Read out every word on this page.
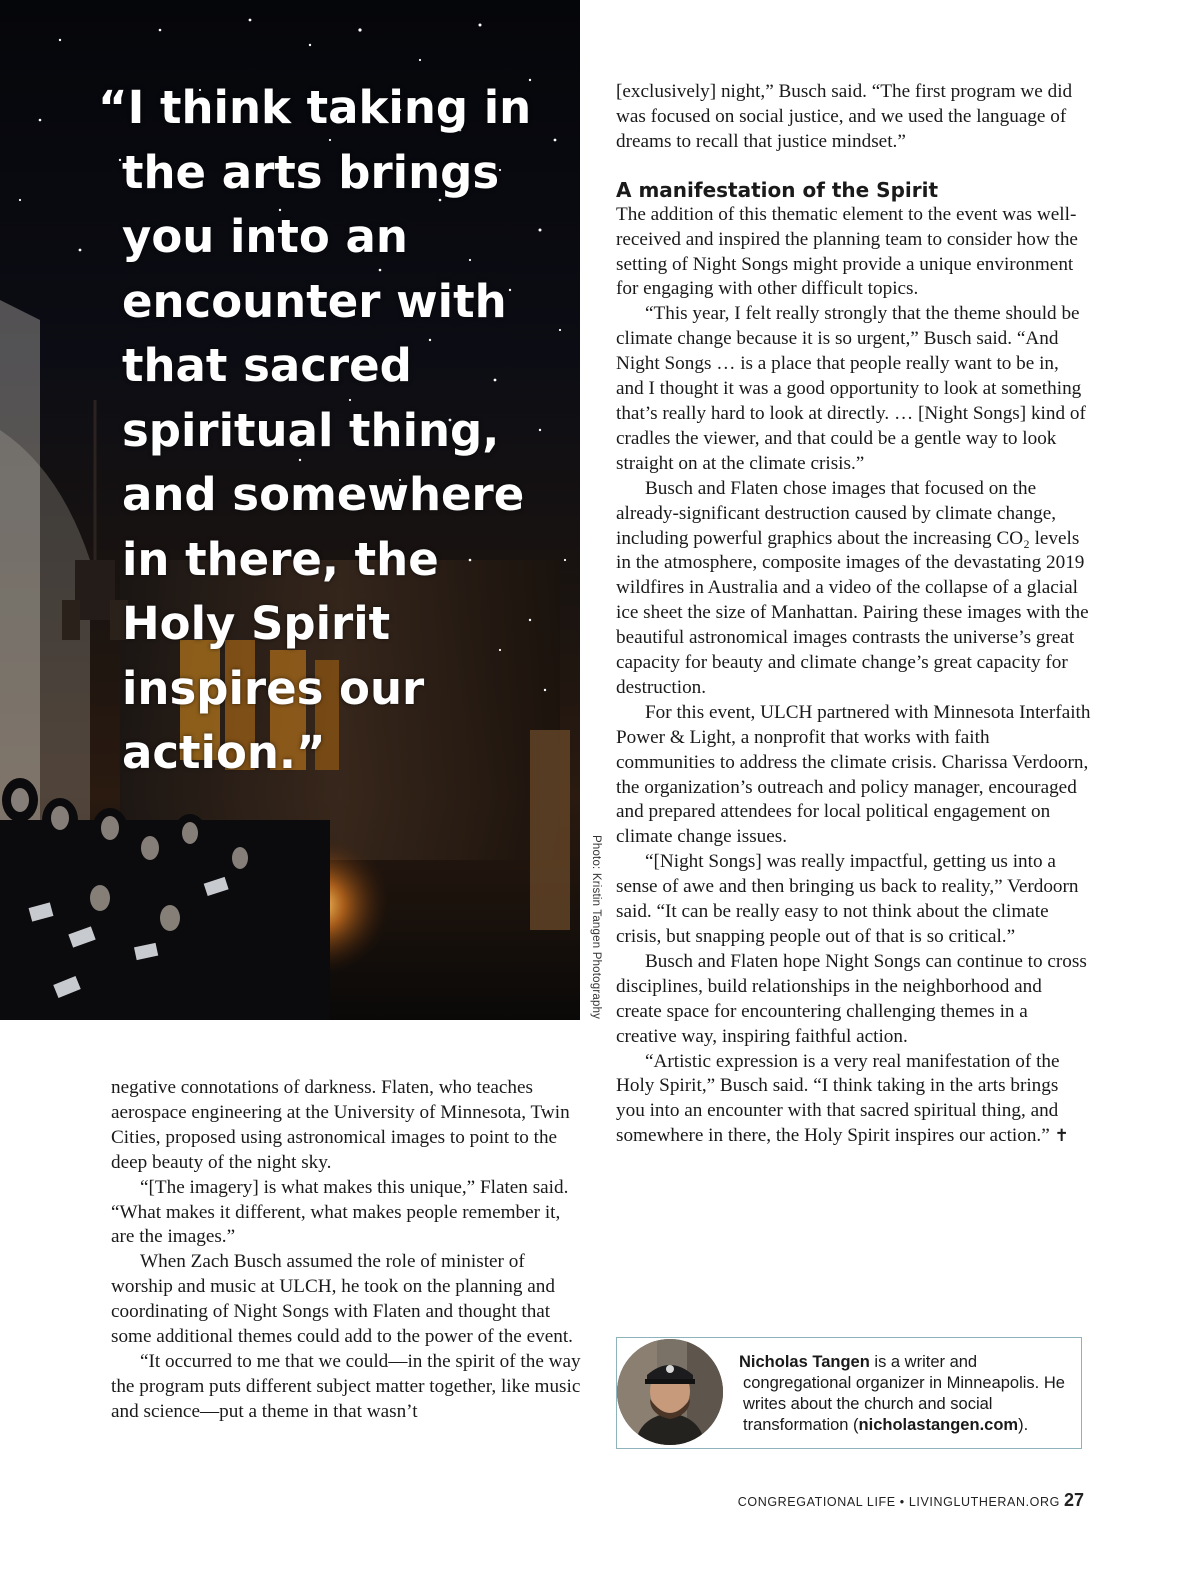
“I think taking in the arts brings you into an encounter with that sacred spiritual thing, and somewhere in there, the Holy Spirit inspires our action.”

Photo: Kristin Tangen Photography

negative connotations of darkness. Flaten, who teaches aerospace engineering at the University of Minnesota, Twin Cities, proposed using astronomical images to point to the deep beauty of the night sky.

“[The imagery] is what makes this unique,” Flaten said. “What makes it different, what makes people remember it, are the images.”

When Zach Busch assumed the role of minister of worship and music at ULCH, he took on the planning and coordinating of Night Songs with Flaten and thought that some additional themes could add to the power of the event.

“It occurred to me that we could—in the spirit of the way the program puts different subject matter together, like music and science—put a theme in that wasn’t

[exclusively] night,” Busch said. “The first program we did was focused on social justice, and we used the language of dreams to recall that justice mindset.”

A manifestation of the Spirit

The addition of this thematic element to the event was well-received and inspired the planning team to consider how the setting of Night Songs might provide a unique environment for engaging with other difficult topics.

“This year, I felt really strongly that the theme should be climate change because it is so urgent,” Busch said. “And Night Songs … is a place that people really want to be in, and I thought it was a good opportunity to look at something that’s really hard to look at directly. … [Night Songs] kind of cradles the viewer, and that could be a gentle way to look straight on at the climate crisis.”

Busch and Flaten chose images that focused on the already-significant destruction caused by climate change, including powerful graphics about the increasing CO₂ levels in the atmosphere, composite images of the devastating 2019 wildfires in Australia and a video of the collapse of a glacial ice sheet the size of Manhattan. Pairing these images with the beautiful astronomical images contrasts the universe’s great capacity for beauty and climate change’s great capacity for destruction.

For this event, ULCH partnered with Minnesota Interfaith Power & Light, a nonprofit that works with faith communities to address the climate crisis. Charissa Verdoorn, the organization’s outreach and policy manager, encouraged and prepared attendees for local political engagement on climate change issues.

“[Night Songs] was really impactful, getting us into a sense of awe and then bringing us back to reality,” Verdoorn said. “It can be really easy to not think about the climate crisis, but snapping people out of that is so critical.”

Busch and Flaten hope Night Songs can continue to cross disciplines, build relationships in the neighborhood and create space for encountering challenging themes in a creative way, inspiring faithful action.

“Artistic expression is a very real manifestation of the Holy Spirit,” Busch said. “I think taking in the arts brings you into an encounter with that sacred spiritual thing, and somewhere in there, the Holy Spirit inspires our action.” ✝

Nicholas Tangen is a writer and congregational organizer in Minneapolis. He writes about the church and social transformation (nicholastangen.com).
CONGREGATIONAL LIFE • LIVINGLUTHERAN.ORG 27
